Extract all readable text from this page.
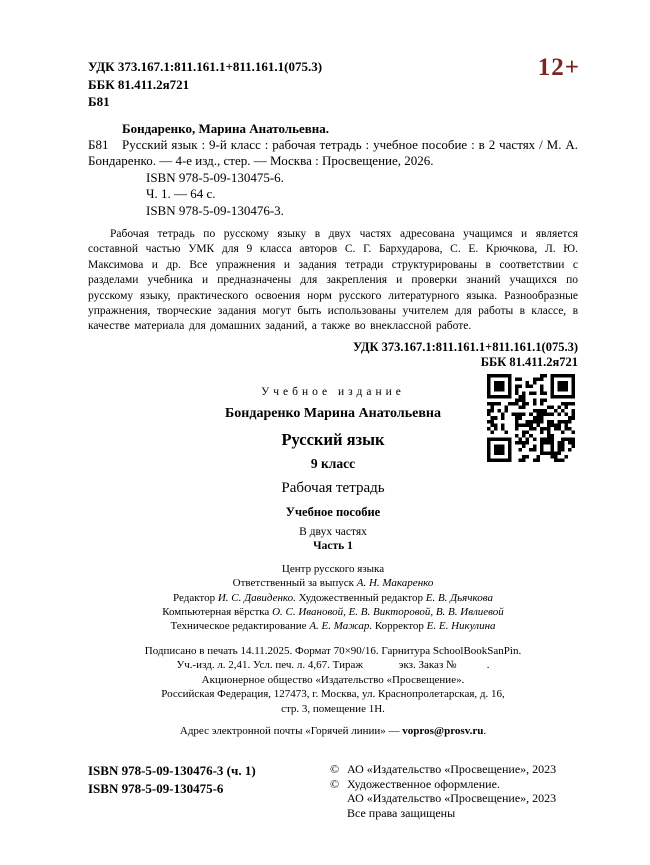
УДК 373.167.1:811.161.1+811.161.1(075.3)
ББК 81.411.2я721
Б81
12+
Бондаренко, Марина Анатольевна.
Б81	Русский язык : 9-й класс : рабочая тетрадь : учебное пособие : в 2 частях / М. А. Бондаренко. — 4-е изд., стер. — Москва : Просвещение, 2026.

ISBN 978-5-09-130475-6.
Ч. 1. — 64 с.
ISBN 978-5-09-130476-3.

Рабочая тетрадь по русскому языку в двух частях адресована учащимся и является составной частью УМК для 9 класса авторов С. Г. Бархударова, С. Е. Крючкова, Л. Ю. Максимова и др. Все упражнения и задания тетради структурированы в соответствии с разделами учебника и предназначены для закрепления и проверки знаний учащихся по русскому языку, практического освоения норм русского литературного языка. Разнообразные упражнения, творческие задания могут быть использованы учителем для работы в классе, в качестве материала для домашних заданий, а также во внеклассной работе.

УДК 373.167.1:811.161.1+811.161.1(075.3)
ББК 81.411.2я721
Учебное издание
Бондаренко Марина Анатольевна
Русский язык
9 класс
Рабочая тетрадь
Учебное пособие
В двух частях
Часть 1
Центр русского языка
Ответственный за выпуск А. Н. Макаренко
Редактор И. С. Давиденко. Художественный редактор Е. В. Дьячкова
Компьютерная вёрстка О. С. Ивановой, Е. В. Викторовой, В. В. Ивлиевой
Техническое редактирование А. Е. Мажар. Корректор Е. Е. Никулина
Подписано в печать 14.11.2025. Формат 70×90/16. Гарнитура SchoolBookSanPin.
Уч.-изд. л. 2,41. Усл. печ. л. 4,67. Тираж             экз. Заказ №           .
Акционерное общество «Издательство «Просвещение».
Российская Федерация, 127473, г. Москва, ул. Краснопролетарская, д. 16,
стр. 3, помещение 1Н.
Адрес электронной почты «Горячей линии» — vopros@prosv.ru.
ISBN 978-5-09-130476-3 (ч. 1)
ISBN 978-5-09-130475-6
© АО «Издательство «Просвещение», 2023
© Художественное оформление.
АО «Издательство «Просвещение», 2023
Все права защищены
